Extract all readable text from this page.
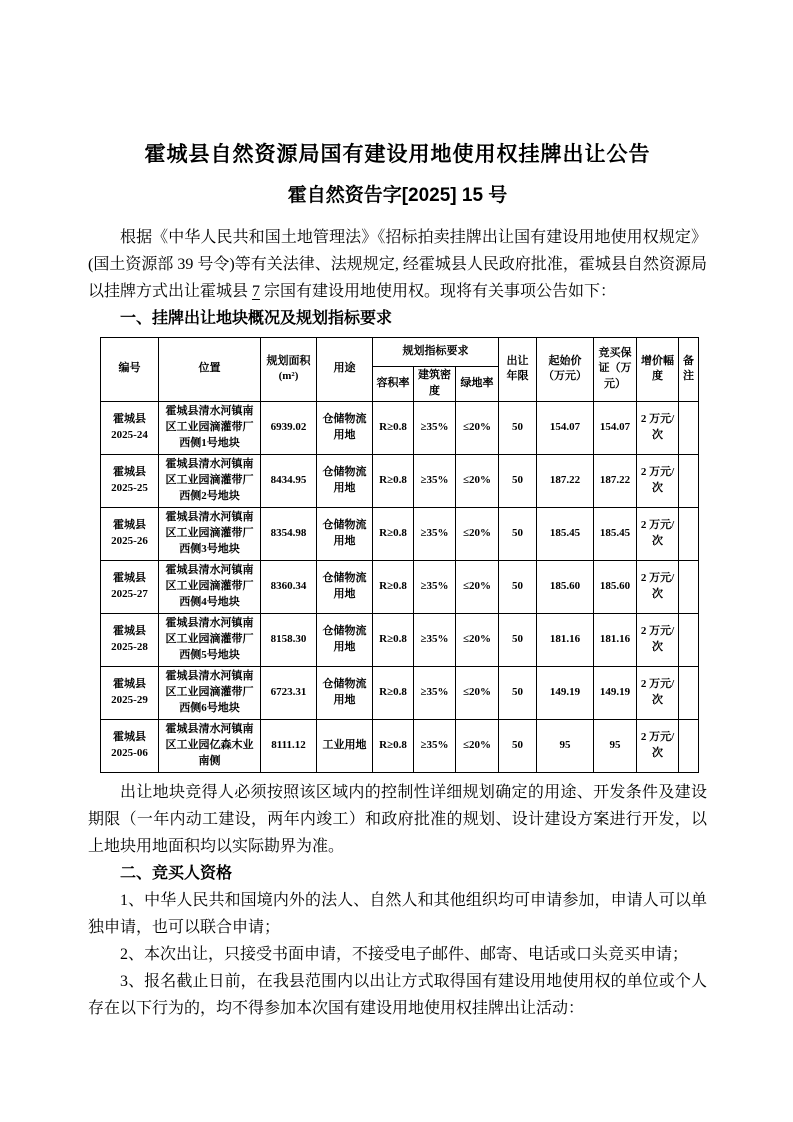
霍城县自然资源局国有建设用地使用权挂牌出让公告
霍自然资告字[2025] 15 号

根据《中华人民共和国土地管理法》《招标拍卖挂牌出让国有建设用地使用权规定》(国土资源部 39 号令)等有关法律、法规规定, 经霍城县人民政府批准，霍城县自然资源局以挂牌方式出让霍城县 7 宗国有建设用地使用权。现将有关事项公告如下：

一、挂牌出让地块概况及规划指标要求
编号	位置	规划面积(m²)	用途	规划指标要求			出让年限	起始价（万元）	竞买保证（万元）	增价幅度	备注
				容积率	建筑密度	绿地率					
霍城县2025-24	霍城县清水河镇南区工业园滴灌带厂西侧1号地块	6939.02	仓储物流用地	R≥0.8	≥35%	≤20%	50	154.07	154.07	2 万元/次	
霍城县2025-25	霍城县清水河镇南区工业园滴灌带厂西侧2号地块	8434.95	仓储物流用地	R≥0.8	≥35%	≤20%	50	187.22	187.22	2 万元/次	
霍城县2025-26	霍城县清水河镇南区工业园滴灌带厂西侧3号地块	8354.98	仓储物流用地	R≥0.8	≥35%	≤20%	50	185.45	185.45	2 万元/次	
霍城县2025-27	霍城县清水河镇南区工业园滴灌带厂西侧4号地块	8360.34	仓储物流用地	R≥0.8	≥35%	≤20%	50	185.60	185.60	2 万元/次	
霍城县2025-28	霍城县清水河镇南区工业园滴灌带厂西侧5号地块	8158.30	仓储物流用地	R≥0.8	≥35%	≤20%	50	181.16	181.16	2 万元/次	
霍城县2025-29	霍城县清水河镇南区工业园滴灌带厂西侧6号地块	6723.31	仓储物流用地	R≥0.8	≥35%	≤20%	50	149.19	149.19	2 万元/次	
霍城县2025-06	霍城县清水河镇南区工业园亿森木业南侧	8111.12	工业用地	R≥0.8	≥35%	≤20%	50	95	95	2 万元/次	

出让地块竞得人必须按照该区域内的控制性详细规划确定的用途、开发条件及建设期限（一年内动工建设，两年内竣工）和政府批准的规划、设计建设方案进行开发，以上地块用地面积均以实际勘界为准。

二、竞买人资格

1、中华人民共和国境内外的法人、自然人和其他组织均可申请参加，申请人可以单独申请，也可以联合申请；

2、本次出让，只接受书面申请，不接受电子邮件、邮寄、电话或口头竞买申请；

3、报名截止日前，在我县范围内以出让方式取得国有建设用地使用权的单位或个人存在以下行为的，均不得参加本次国有建设用地使用权挂牌出让活动：
